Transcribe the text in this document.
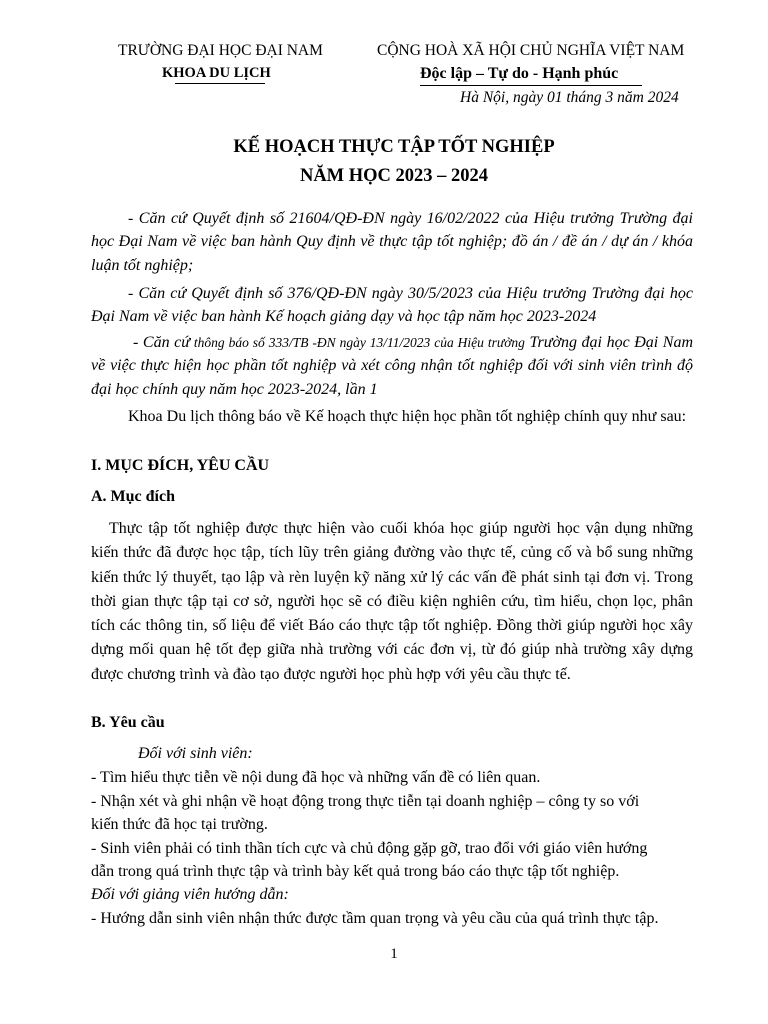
TRƯỜNG ĐẠI HỌC ĐẠI NAM
KHOA DU LỊCH
CỘNG HOÀ XÃ HỘI CHỦ NGHĨA VIỆT NAM
Độc lập – Tự do - Hạnh phúc
Hà Nội, ngày 01 tháng 3 năm 2024
KẾ HOẠCH THỰC TẬP TỐT NGHIỆP
NĂM HỌC 2023 – 2024
- Căn cứ Quyết định số 21604/QĐ-ĐN ngày 16/02/2022 của Hiệu trưởng Trường đại học Đại Nam về việc ban hành Quy định về thực tập tốt nghiệp; đồ án / đề án / dự án / khóa luận tốt nghiệp;
- Căn cứ Quyết định số 376/QĐ-ĐN ngày 30/5/2023 của Hiệu trưởng Trường đại học Đại Nam về việc ban hành Kế hoạch giảng dạy và học tập năm học 2023-2024
- Căn cứ thông báo số 333/TB -ĐN ngày 13/11/2023 của Hiệu trưởng Trường đại học Đại Nam về việc thực hiện học phần tốt nghiệp và xét công nhận tốt nghiệp đối với sinh viên trình độ đại học chính quy năm học 2023-2024, lần 1
Khoa Du lịch thông báo về Kế hoạch thực hiện học phần tốt nghiệp chính quy như sau:
I. MỤC ĐÍCH, YÊU CẦU
A. Mục đích
Thực tập tốt nghiệp được thực hiện vào cuối khóa học giúp người học vận dụng những kiến thức đã được học tập, tích lũy trên giảng đường vào thực tế, củng cố và bổ sung những kiến thức lý thuyết, tạo lập và rèn luyện kỹ năng xử lý các vấn đề phát sinh tại đơn vị. Trong thời gian thực tập tại cơ sở, người học sẽ có điều kiện nghiên cứu, tìm hiểu, chọn lọc, phân tích các thông tin, số liệu để viết Báo cáo thực tập tốt nghiệp. Đồng thời giúp người học xây dựng mối quan hệ tốt đẹp giữa nhà trường với các đơn vị, từ đó giúp nhà trường xây dựng được chương trình và đào tạo được người học phù hợp với yêu cầu thực tế.
B. Yêu cầu
Đối với sinh viên:
- Tìm hiểu thực tiễn về nội dung đã học và những vấn đề có liên quan.
- Nhận xét và ghi nhận về hoạt động trong thực tiễn tại doanh nghiệp – công ty so với
kiến thức đã học tại trường.
- Sinh viên phải có tinh thần tích cực và chủ động gặp gỡ, trao đổi với giáo viên hướng
dẫn trong quá trình thực tập và trình bày kết quả trong báo cáo thực tập tốt nghiệp.
Đối với giảng viên hướng dẫn:
- Hướng dẫn sinh viên nhận thức được tầm quan trọng và yêu cầu của quá trình thực tập.
1
